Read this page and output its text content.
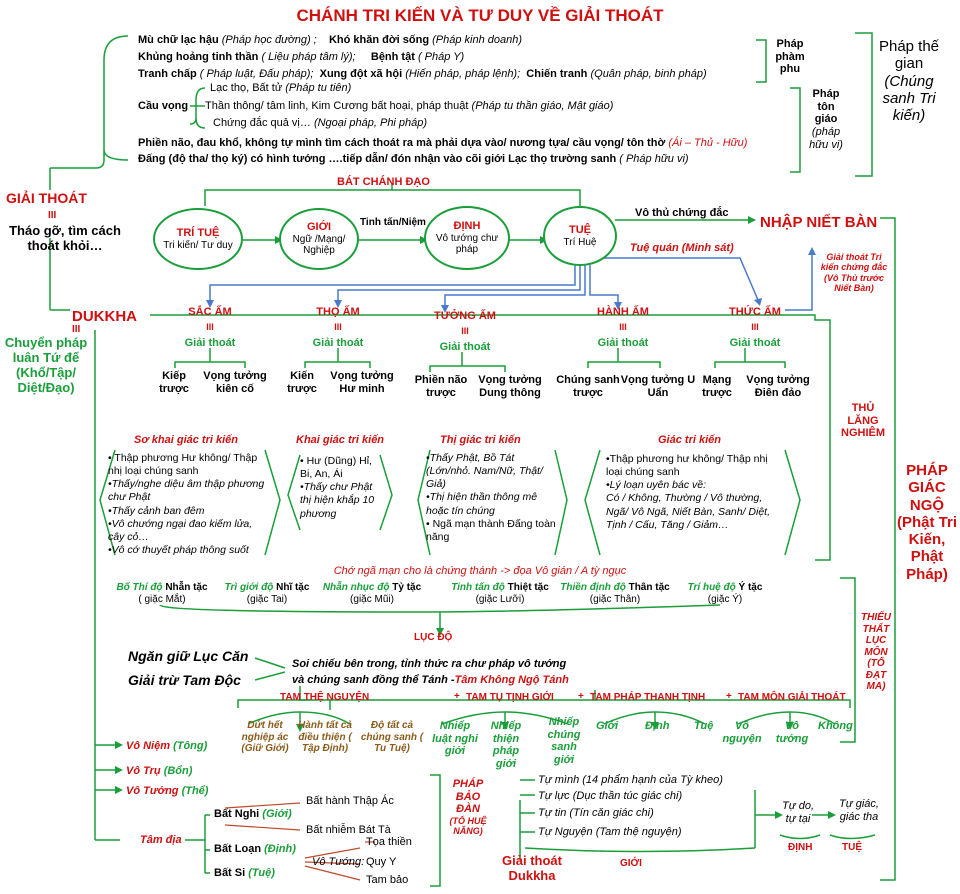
CHÁNH TRI KIẾN VÀ TƯ DUY VỀ GIẢI THOÁT
Mù chữ lạc hậu (Pháp học đường) ; Khó khăn đời sống (Pháp kinh doanh)
Khủng hoảng tinh thần ( Liệu pháp tâm lý); Bệnh tật ( Pháp Y)
Tranh chấp ( Pháp luật, Đấu pháp); Xung đột xã hội (Hiến pháp, pháp lệnh); Chiến tranh (Quân pháp, binh pháp)
Cầu vọng
Lạc thọ, Bất tử (Pháp tu tiên)
Thần thông/ tâm linh, Kim Cương bất hoại, pháp thuật (Pháp tu thần giáo, Mật giáo)
Chứng đắc quả vị… (Ngoại pháp, Phi pháp)
Phiền não, đau khổ, không tự mình tìm cách thoát ra mà phải dựa vào/ nương tựa/ cầu vọng/ tôn thờ (Ái – Thủ - Hữu)
Đấng (độ tha/ thọ ký) có hình tướng ….tiếp dẫn/ đón nhận vào cõi giới Lạc thọ trường sanh ( Pháp hữu vi)
Pháp phàm phu
Pháp tôn giáo
(pháp hữu vi)
Pháp thế gian
(Chúng sanh Tri kiến)
GIẢI THOÁT
III
Tháo gỡ, tìm cách thoát khỏi…
DUKKHA
III
Chuyển pháp luân Tứ đế (Khổ/Tập/ Diệt/Đạo)
BÁT CHÁNH ĐẠO
TRÍ TUỆ
Tri kiến/ Tư duy
GIỚI
Ngữ /Mạng/ Nghiệp
Tinh tấn/Niệm	ĐỊNH
Vô tướng chư pháp
TUỆ
Trí Huệ
Vô thủ chứng đắc
NHẬP NIẾT BÀN
Tuệ quán (Minh sát)
Giải thoát Tri kiến chứng đắc (Vô Thủ trước Niết Bàn)
SẮC ẤM
III
Giải thoát
Kiếp trược
Vọng tưởng kiên cố
THỌ ẤM
III
Giải thoát
Kiến trược
Vọng tưởng Hư minh
TƯỞNG ẤM
III
Giải thoát
Phiền não trược
Vọng tưởng Dung thông
HÀNH ẤM
III
Giải thoát
Chúng sanh trược
Vọng tưởng U Uẩn
THỨC ẤM
III
Giải thoát
Mạng trược
Vọng tưởng Điên đảo
THỦ LĂNG NGHIÊM
PHÁP GIÁC NGỘ (Phật Tri Kiến, Phật Pháp)
Sơ khai giác tri kiến
• Thập phương Hư không/ Thập nhị loại chúng sanh
•Thấy/nghe diệu âm thập phương chư Phật
•Thấy cảnh ban đêm
•Vô chướng ngại đao kiếm lửa, cây cỏ…
•Vô cớ thuyết pháp thông suốt
Khai giác tri kiến
• Hư (Dũng) Hỉ, Bi, An, Ái
•Thấy chư Phật thị hiện khắp 10 phương
Thị giác tri kiến
•Thấy Phật, Bồ Tát (Lớn/nhỏ. Nam/Nữ, Thật/ Giả)
•Thị hiện thần thông mê hoặc tín chúng
• Ngã mạn thành Đấng toàn năng
Giác tri kiến
•Thập phương hư không/ Thập nhị loại chúng sanh
•Lý loạn uyên bác về:
Có / Không, Thường / Vô thường, Ngã/ Vô Ngã, Niết Bàn, Sanh/ Diệt, Tịnh / Cấu, Tăng / Giảm…
Chớ ngã mạn cho là chứng thánh -> đọa Vô gián / A tỳ ngục
Bố Thí độ Nhẫn tặc
( giặc Mắt)
Trì giới độ Nhĩ tặc
(giặc Tai)
Nhẫn nhục độ Tỷ tặc
(giặc Mũi)
Tinh tấn độ Thiệt tặc
(giặc Lưỡi)
Thiền định độ Thân tặc
(giặc Thân)
Trí huệ độ Ý tặc
(giặc Ý)
LỤC ĐỘ
THIẾU THẤT LỤC MÔN (TỔ ĐẠT MA)
Ngăn giữ Lục Căn
Giải trừ Tam Độc
Soi chiếu bên trong, tỉnh thức ra chư pháp vô tướng
và chúng sanh đồng thể Tánh -Tâm Không Ngộ Tánh
TAM THỆ NGUYỆN	+ TAM TỤ TỊNH GIỚI + TAM PHÁP THANH TỊNH + TAM MÔN GIẢI THOÁT
Dứt hết nghiệp ác (Giữ Giới)
Hành tất cả điều thiện ( Tập Định)
Độ tất cả chúng sanh ( Tu Tuệ)
Nhiếp luật nghi giới
Nhiếp thiện pháp giới
Nhiếp chúng sanh giới
Giới Định Tuệ	Vô nguyện
Vô tướng
Không
Vô Niệm (Tông)
Vô Trụ (Bổn)
Vô Tướng (Thể)
Tâm địa
Bất Nghi (Giới)
Bất Loạn (Định)
Bất Si (Tuệ)
Bất hành Thập Ác
Bất nhiễm Bát Tà
Vô Tướng:
Tọa thiền
Quy Y
Tam bảo
PHÁP BẢO ĐÀN
(TỔ HUỆ NĂNG)
Giải thoát Dukkha
Tự mình (14 phẩm hạnh của Tỳ kheo)
Tự lực (Dục thần túc giác chi)
Tự tin (Tín căn giác chi)
Tự Nguyện (Tam thệ nguyện)
GIỚI
Tự do, tự tại
Tự giác, giác tha
ĐỊNH	TUỆ
